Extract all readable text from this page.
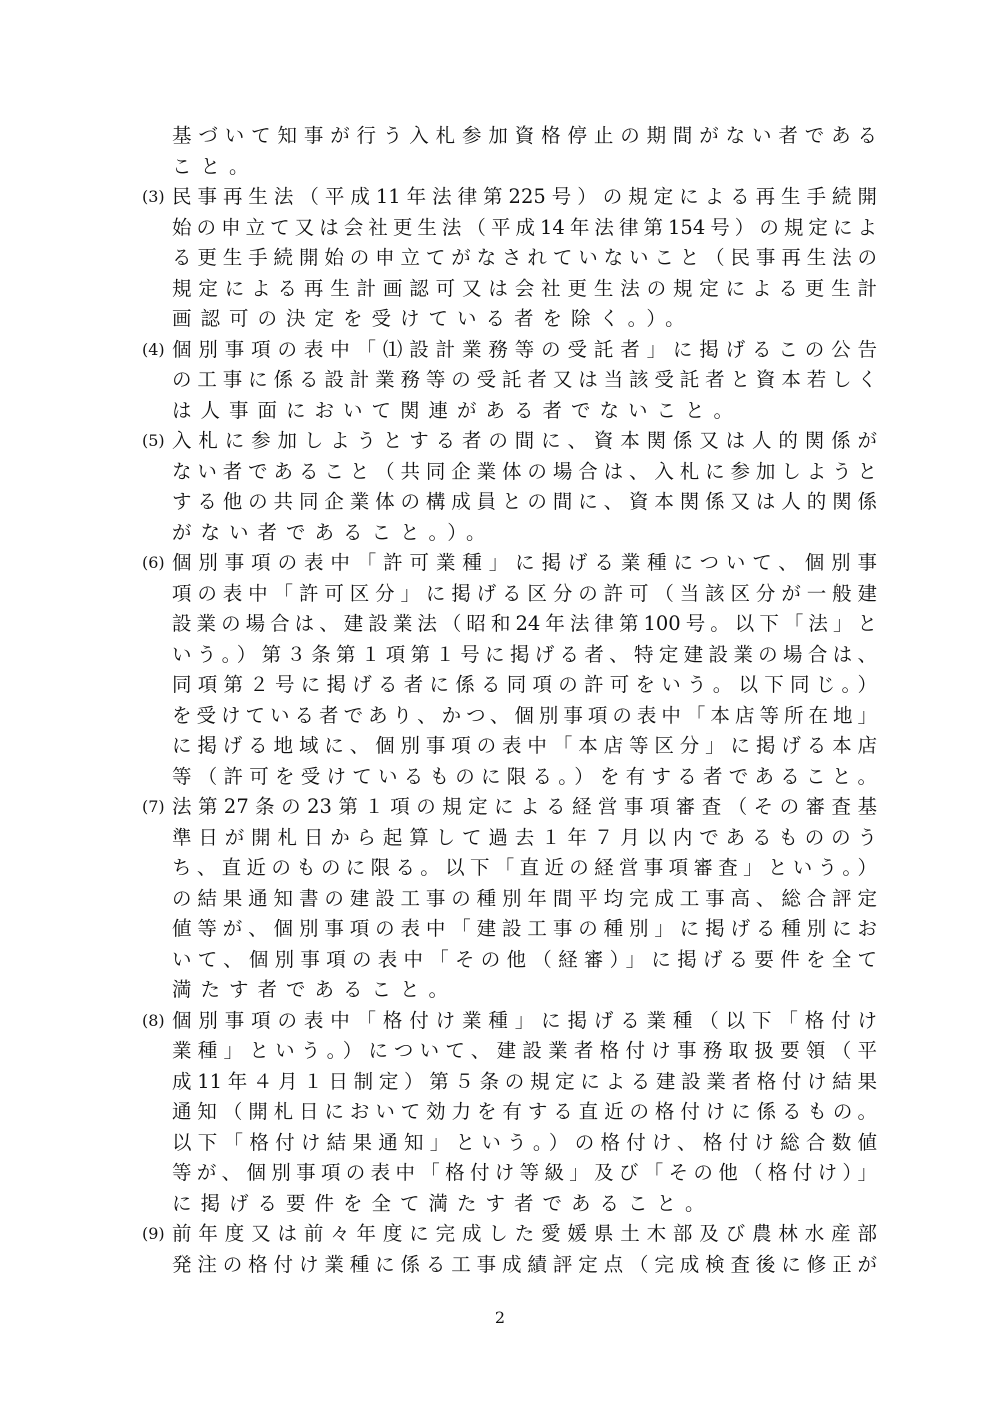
基づいて知事が行う入札参加資格停止の期間がない者である
こと。
(3) 民事再生法（平成11年法律第225号）の規定による再生手続開
始の申立て又は会社更生法（平成14年法律第154号）の規定によ
る更生手続開始の申立てがなされていないこと（民事再生法の
規定による再生計画認可又は会社更生法の規定による更生計
画認可の決定を受けている者を除く。）。
(4) 個別事項の表中「⑴設計業務等の受託者」に掲げるこの公告
の工事に係る設計業務等の受託者又は当該受託者と資本若しく
は人事面において関連がある者でないこと。
(5) 入札に参加しようとする者の間に、資本関係又は人的関係が
ない者であること（共同企業体の場合は、入札に参加しようと
する他の共同企業体の構成員との間に、資本関係又は人的関係
がない者であること。）。
(6) 個別事項の表中「許可業種」に掲げる業種について、個別事
項の表中「許可区分」に掲げる区分の許可（当該区分が一般建
設業の場合は、建設業法（昭和24年法律第100号。以下「法」と
いう。）第３条第１項第１号に掲げる者、特定建設業の場合は、
同項第２号に掲げる者に係る同項の許可をいう。以下同じ。）
を受けている者であり、かつ、個別事項の表中「本店等所在地」
に掲げる地域に、個別事項の表中「本店等区分」に掲げる本店
等（許可を受けているものに限る。）を有する者であること。
(7) 法第27条の23第１項の規定による経営事項審査（その審査基
準日が開札日から起算して過去１年７月以内であるもののう
ち、直近のものに限る。以下「直近の経営事項審査」という。）
の結果通知書の建設工事の種別年間平均完成工事高、総合評定
値等が、個別事項の表中「建設工事の種別」に掲げる種別にお
いて、個別事項の表中「その他（経審）」に掲げる要件を全て
満たす者であること。
(8) 個別事項の表中「格付け業種」に掲げる業種（以下「格付け
業種」という。）について、建設業者格付け事務取扱要領（平
成11年４月１日制定）第５条の規定による建設業者格付け結果
通知（開札日において効力を有する直近の格付けに係るもの。
以下「格付け結果通知」という。）の格付け、格付け総合数値
等が、個別事項の表中「格付け等級」及び「その他（格付け）」
に掲げる要件を全て満たす者であること。
(9) 前年度又は前々年度に完成した愛媛県土木部及び農林水産部
発注の格付け業種に係る工事成績評定点（完成検査後に修正が
2
